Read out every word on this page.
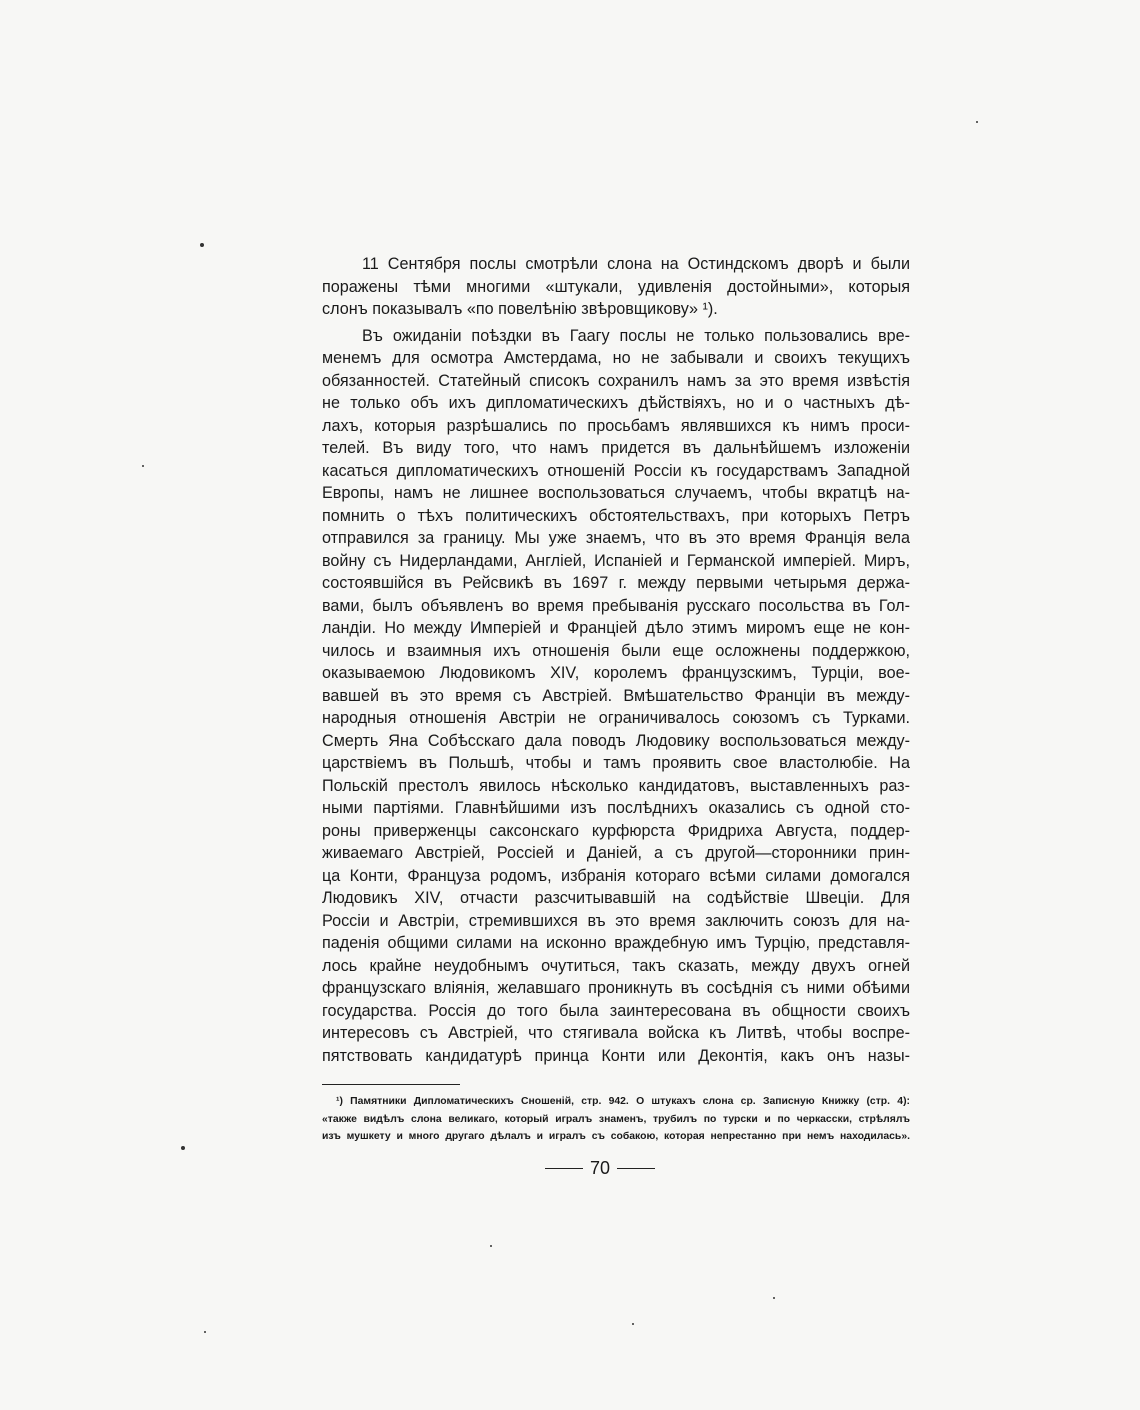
11 Сентября послы смотрѣли слона на Остиндскомъ дворѣ и были
поражены тѣми многими «штукали, удивленія достойными», которыя
слонъ показывалъ «по повелѣнію звѣровщикову» ¹).
Въ ожиданіи поѣздки въ Гаагу послы не только пользовались вре-
менемъ для осмотра Амстердама, но не забывали и своихъ текущихъ
обязанностей. Статейный списокъ сохранилъ намъ за это время извѣстія
не только объ ихъ дипломатическихъ дѣйствіяхъ, но и о частныхъ дѣ-
лахъ, которыя разрѣшались по просьбамъ являвшихся къ нимъ проси-
телей. Въ виду того, что намъ придется въ дальнѣйшемъ изложеніи
касаться дипломатическихъ отношеній Россіи къ государствамъ Западной
Европы, намъ не лишнее воспользоваться случаемъ, чтобы вкратцѣ на-
помнить о тѣхъ политическихъ обстоятельствахъ, при которыхъ Петръ
отправился за границу. Мы уже знаемъ, что въ это время Франція вела
войну съ Нидерландами, Англіей, Испаніей и Германской имперіей. Миръ,
состоявшійся въ Рейсвикѣ въ 1697 г. между первыми четырьмя держа-
вами, былъ объявленъ во время пребыванія русскаго посольства въ Гол-
ландіи. Но между Имперіей и Франціей дѣло этимъ миромъ еще не кон-
чилось и взаимныя ихъ отношенія были еще осложнены поддержкою,
оказываемою Людовикомъ XIV, королемъ французскимъ, Турціи, вое-
вавшей въ это время съ Австріей. Вмѣшательство Франціи въ между-
народныя отношенія Австріи не ограничивалось союзомъ съ Турками.
Смерть Яна Собѣсскаго дала поводъ Людовику воспользоваться между-
царствіемъ въ Польшѣ, чтобы и тамъ проявить свое властолюбіе. На
Польскій престолъ явилось нѣсколько кандидатовъ, выставленныхъ раз-
ными партіями. Главнѣйшими изъ послѣднихъ оказались съ одной сто-
роны приверженцы саксонскаго курфюрста Фридриха Августа, поддер-
живаемаго Австріей, Россіей и Даніей, а съ другой—сторонники прин-
ца Конти, Француза родомъ, избранія котораго всѣми силами домогался
Людовикъ XIV, отчасти разсчитывавшій на содѣйствіе Швеціи. Для
Россіи и Австріи, стремившихся въ это время заключить союзъ для на-
паденія общими силами на исконно враждебную имъ Турцію, представля-
лось крайне неудобнымъ очутиться, такъ сказать, между двухъ огней
французскаго вліянія, желавшаго проникнуть въ сосѣднія съ ними обѣими
государства. Россія до того была заинтересована въ общности своихъ
интересовъ съ Австріей, что стягивала войска къ Литвѣ, чтобы воспре-
пятствовать кандидатурѣ принца Конти или Деконтія, какъ онъ назы-
¹) Памятники Дипломатическихъ Сношеній, стр. 942. О штукахъ слона ср. Записную Книжку (стр. 4):
«также видѣлъ слона великаго, который игралъ знаменъ, трубилъ по турски и по черкасски, стрѣлялъ
изъ мушкету и много другаго дѣлалъ и игралъ съ собакою, которая непрестанно при немъ находилась».
70
